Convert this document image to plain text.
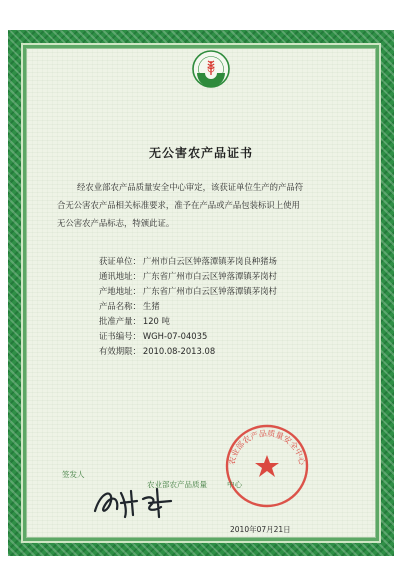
无公害农产品证书
经农业部农产品质量安全中心审定，该获证单位生产的产品符
合无公害农产品相关标准要求，准予在产品或产品包装标识上使用
无公害农产品标志，特颁此证。
获证单位： 广州市白云区钟落潭镇茅岗良种猪场
通讯地址： 广东省广州市白云区钟落潭镇茅岗村
产地地址： 广东省广州市白云区钟落潭镇茅岗村
产品名称： 生猪
批准产量： 120 吨
证书编号： WGH-07-04035
有效期限： 2010.08-2013.08
签发人
农业部农产品质量安全中心
农业部农产品质量	中心
2010年07月21日
